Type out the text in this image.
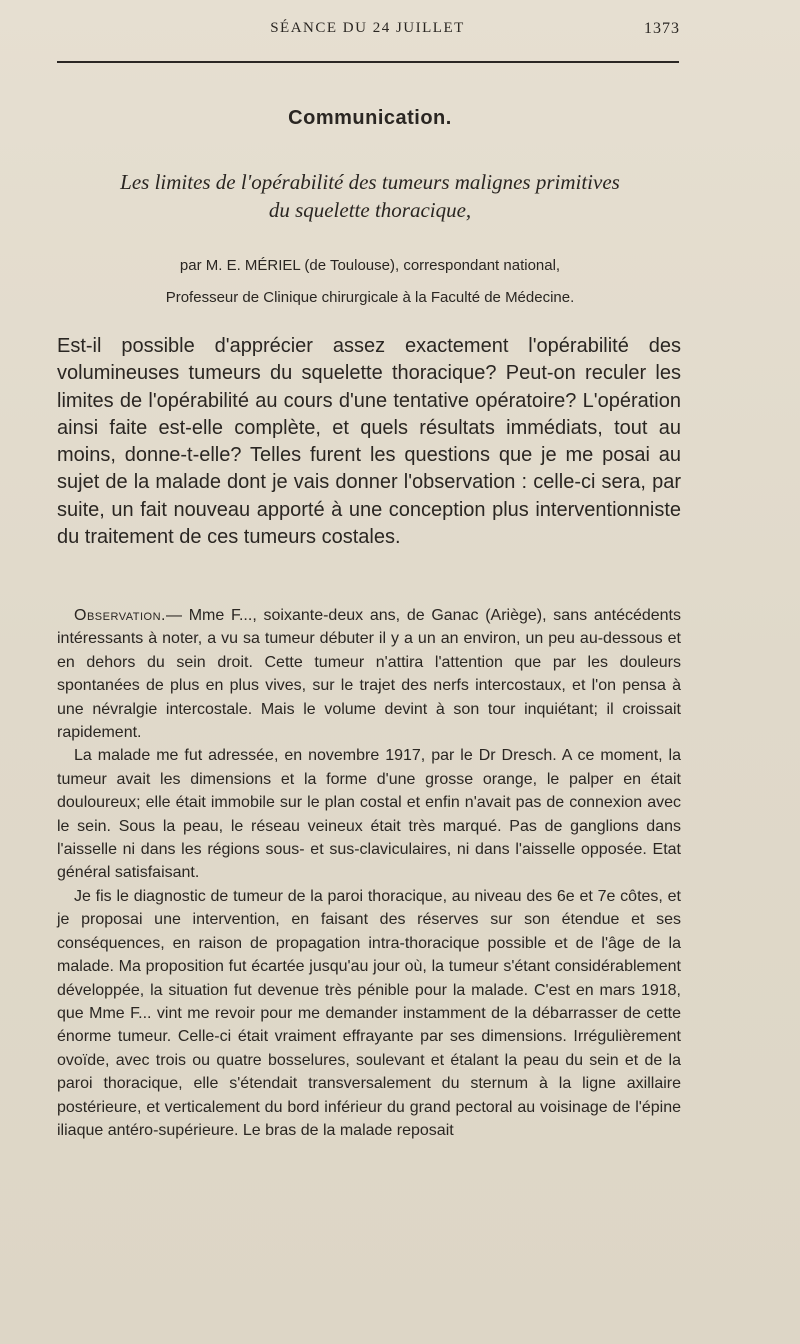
SÉANCE DU 24 JUILLET	1373
Communication.
Les limites de l'opérabilité des tumeurs malignes primitives
du squelette thoracique,
par M. E. MÉRIEL (de Toulouse), correspondant national,
Professeur de Clinique chirurgicale à la Faculté de Médecine.

Est-il possible d'apprécier assez exactement l'opérabilité des volumineuses tumeurs du squelette thoracique? Peut-on reculer les limites de l'opérabilité au cours d'une tentative opératoire? L'opération ainsi faite est-elle complète, et quels résultats immédiats, tout au moins, donne-t-elle? Telles furent les questions que je me posai au sujet de la malade dont je vais donner l'observation : celle-ci sera, par suite, un fait nouveau apporté à une conception plus interventionniste du traitement de ces tumeurs costales.

Observation.— Mme F..., soixante-deux ans, de Ganac (Ariège), sans antécédents intéressants à noter, a vu sa tumeur débuter il y a un an environ, un peu au-dessous et en dehors du sein droit. Cette tumeur n'attira l'attention que par les douleurs spontanées de plus en plus vives, sur le trajet des nerfs intercostaux, et l'on pensa à une névralgie intercostale. Mais le volume devint à son tour inquiétant; il croissait rapidement.

La malade me fut adressée, en novembre 1917, par le Dr Dresch. A ce moment, la tumeur avait les dimensions et la forme d'une grosse orange, le palper en était douloureux; elle était immobile sur le plan costal et enfin n'avait pas de connexion avec le sein. Sous la peau, le réseau veineux était très marqué. Pas de ganglions dans l'aisselle ni dans les régions sous- et sus-claviculaires, ni dans l'aisselle opposée. Etat général satisfaisant.

Je fis le diagnostic de tumeur de la paroi thoracique, au niveau des 6e et 7e côtes, et je proposai une intervention, en faisant des réserves sur son étendue et ses conséquences, en raison de propagation intra-thoracique possible et de l'âge de la malade. Ma proposition fut écartée jusqu'au jour où, la tumeur s'étant considérablement développée, la situation fut devenue très pénible pour la malade. C'est en mars 1918, que Mme F... vint me revoir pour me demander instamment de la débarrasser de cette énorme tumeur. Celle-ci était vraiment effrayante par ses dimensions. Irrégulièrement ovoïde, avec trois ou quatre bosselures, soulevant et étalant la peau du sein et de la paroi thoracique, elle s'étendait transversalement du sternum à la ligne axillaire postérieure, et verticalement du bord inférieur du grand pectoral au voisinage de l'épine iliaque antéro-supérieure. Le bras de la malade reposait
